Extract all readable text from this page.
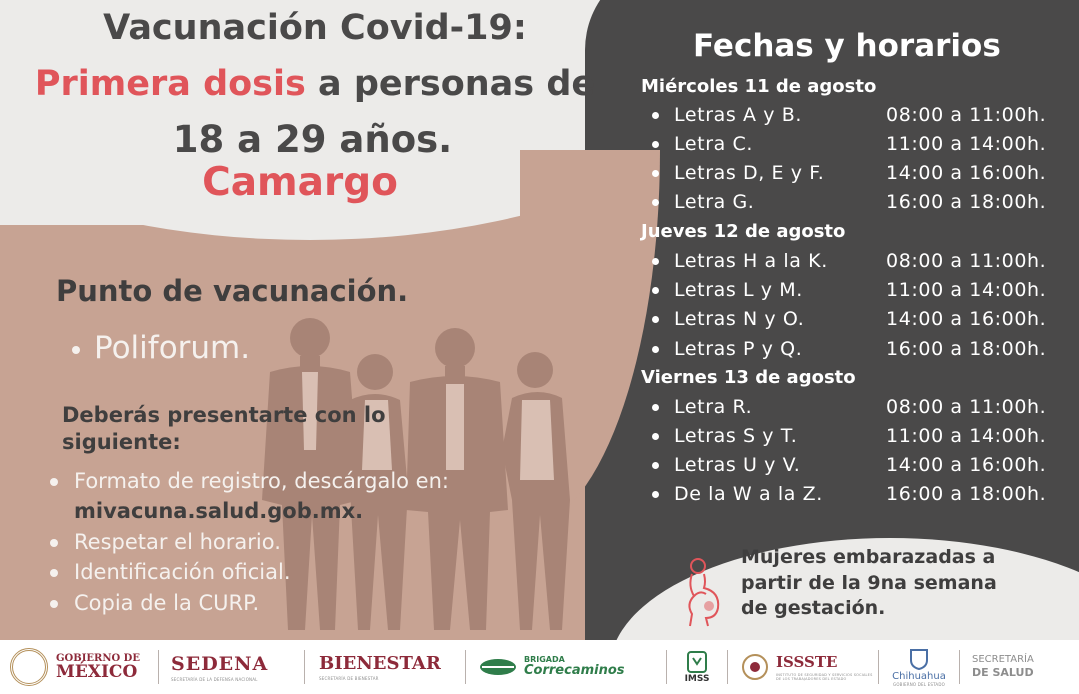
Vacunación Covid-19:
Primera dosis a personas de
18 a 29 años.
Camargo
Punto de vacunación.
Poliforum.
Deberás presentarte con lo siguiente:
Formato de registro, descárgalo en: mivacuna.salud.gob.mx.
Respetar el horario.
Identificación oficial.
Copia de la CURP.
Fechas y horarios
Miércoles 11 de agosto
Letras A y B.	08:00 a 11:00h.
Letra C.	11:00 a 14:00h.
Letras D, E y F.	14:00 a 16:00h.
Letra G.	16:00 a 18:00h.
Jueves 12 de agosto
Letras H a la K.	08:00 a 11:00h.
Letras L y M.	11:00 a 14:00h.
Letras N y O.	14:00 a 16:00h.
Letras P y Q.	16:00 a 18:00h.
Viernes 13 de agosto
Letra R.	08:00 a 11:00h.
Letras S y T.	11:00 a 14:00h.
Letras U y V.	14:00 a 16:00h.
De la W a la Z.	16:00 a 18:00h.
Mujeres embarazadas a partir de la 9na semana de gestación.
GOBIERNO DE
MÉXICO SEDENA
SECRETARÍA DE LA DEFENSA NACIONAL
BIENESTAR
SECRETARÍA DE BIENESTAR
BRIGADA
Correcaminos
IMSS
ISSSTE
INSTITUTO DE SEGURIDAD Y SERVICIOS SOCIALES DE LOS TRABAJADORES DEL ESTADO	Chihuahua
GOBIERNO DEL ESTADO
SECRETARÍA
DE SALUD
